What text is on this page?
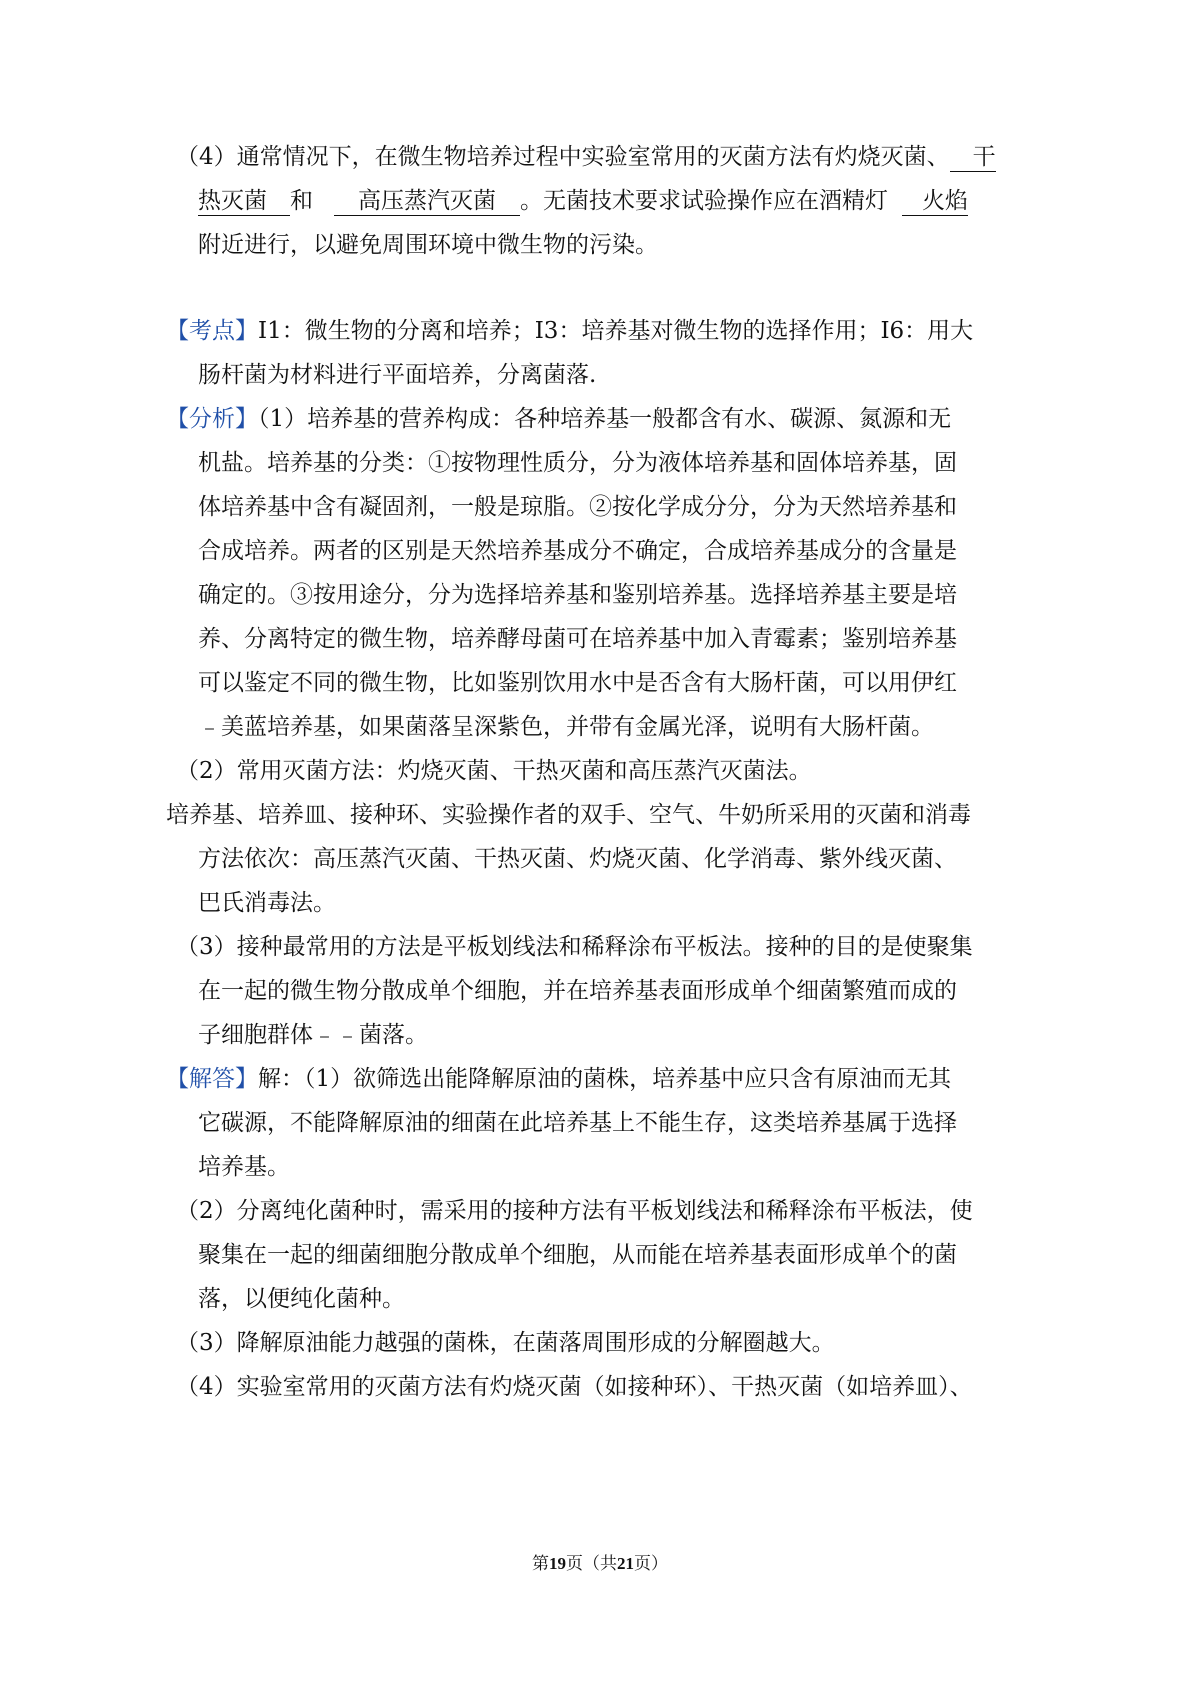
（4）通常情况下，在微生物培养过程中实验室常用的灭菌方法有灼烧灭菌、 干
热灭菌 和 高压蒸汽灭菌 。无菌技术要求试验操作应在酒精灯 火焰
附近进行，以避免周围环境中微生物的污染。
【考点】I1：微生物的分离和培养；I3：培养基对微生物的选择作用；I6：用大
肠杆菌为材料进行平面培养，分离菌落.
【分析】（1）培养基的营养构成：各种培养基一般都含有水、碳源、氮源和无
机盐。培养基的分类：①按物理性质分，分为液体培养基和固体培养基，固
体培养基中含有凝固剂，一般是琼脂。②按化学成分分，分为天然培养基和
合成培养。两者的区别是天然培养基成分不确定，合成培养基成分的含量是
确定的。③按用途分，分为选择培养基和鉴别培养基。选择培养基主要是培
养、分离特定的微生物，培养酵母菌可在培养基中加入青霉素；鉴别培养基
可以鉴定不同的微生物，比如鉴别饮用水中是否含有大肠杆菌，可以用伊红
﹣美蓝培养基，如果菌落呈深紫色，并带有金属光泽，说明有大肠杆菌。
（2）常用灭菌方法：灼烧灭菌、干热灭菌和高压蒸汽灭菌法。
培养基、培养皿、接种环、实验操作者的双手、空气、牛奶所采用的灭菌和消毒
方法依次：高压蒸汽灭菌、干热灭菌、灼烧灭菌、化学消毒、紫外线灭菌、
巴氏消毒法。
（3）接种最常用的方法是平板划线法和稀释涂布平板法。接种的目的是使聚集
在一起的微生物分散成单个细胞，并在培养基表面形成单个细菌繁殖而成的
子细胞群体﹣﹣菌落。
【解答】解：（1）欲筛选出能降解原油的菌株，培养基中应只含有原油而无其
它碳源，不能降解原油的细菌在此培养基上不能生存，这类培养基属于选择
培养基。
（2）分离纯化菌种时，需采用的接种方法有平板划线法和稀释涂布平板法，使
聚集在一起的细菌细胞分散成单个细胞，从而能在培养基表面形成单个的菌
落，以便纯化菌种。
（3）降解原油能力越强的菌株，在菌落周围形成的分解圈越大。
（4）实验室常用的灭菌方法有灼烧灭菌（如接种环）、干热灭菌（如培养皿）、
第19页（共21页）
